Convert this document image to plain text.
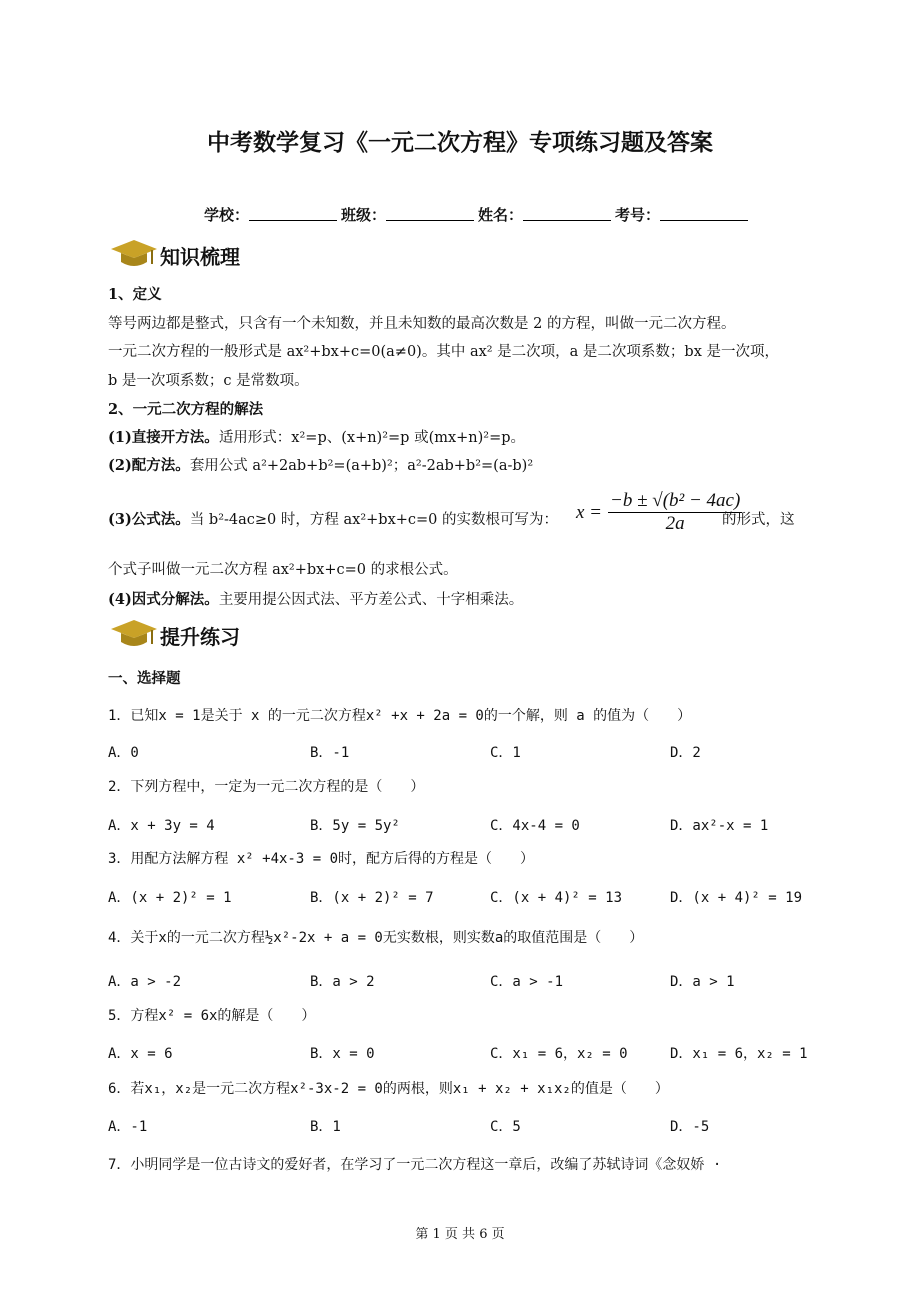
中考数学复习《一元二次方程》专项练习题及答案
学校：	班级：	姓名：	考号：
知识梳理
1、定义
等号两边都是整式，只含有一个未知数，并且未知数的最高次数是 2 的方程，叫做一元二次方程。
一元二次方程的一般形式是 ax²+bx+c=0(a≠0)。其中 ax² 是二次项，a 是二次项系数；bx 是一次项，
b 是一次项系数；c 是常数项。
2、一元二次方程的解法
(1)直接开方法。适用形式：x²=p、(x+n)²=p 或(mx+n)²=p。
(2)配方法。套用公式 a²+2ab+b²=(a+b)²；a²-2ab+b²=(a-b)²
(3)公式法。当 b²-4ac≥0 时，方程 ax²+bx+c=0 的实数根可写为： $x = \frac{\text{−b ± √(b² − 4ac)}}{2a}$
的形式，这
个式子叫做一元二次方程 ax²+bx+c=0 的求根公式。
(4)因式分解法。主要用提公因式法、平方差公式、十字相乘法。
提升练习
一、选择题
1．已知x = 1是关于 x 的一元二次方程x² +x + 2a = 0的一个解，则 a 的值为（　　）
A．0	B．-1	C．1	D．2
2．下列方程中，一定为一元二次方程的是（　　）
A．x + 3y = 4	B．5y = 5y²	C．4x-4 = 0	D．ax²-x = 1
3．用配方法解方程 x² +4x-3 = 0时，配方后得的方程是（　　）
A．(x + 2)² = 1	B．(x + 2)² = 7	C．(x + 4)² = 13	D．(x + 4)² = 19
4．关于x的一元二次方程½x²-2x + a = 0无实数根，则实数a的取值范围是（　　）
A．a > -2	B．a > 2	C．a > -1	D．a > 1
5．方程x² = 6x的解是（　　）
A．x = 6	B．x = 0	C．x₁ = 6，x₂ = 0	D．x₁ = 6，x₂ = 1
6．若x₁，x₂是一元二次方程x²-3x-2 = 0的两根，则x₁ + x₂ + x₁x₂的值是（　　）
A．-1	B．1	C．5	D．-5
7．小明同学是一位古诗文的爱好者，在学习了一元二次方程这一章后，改编了苏轼诗词《念奴娇 ·
第 1 页 共 6 页
